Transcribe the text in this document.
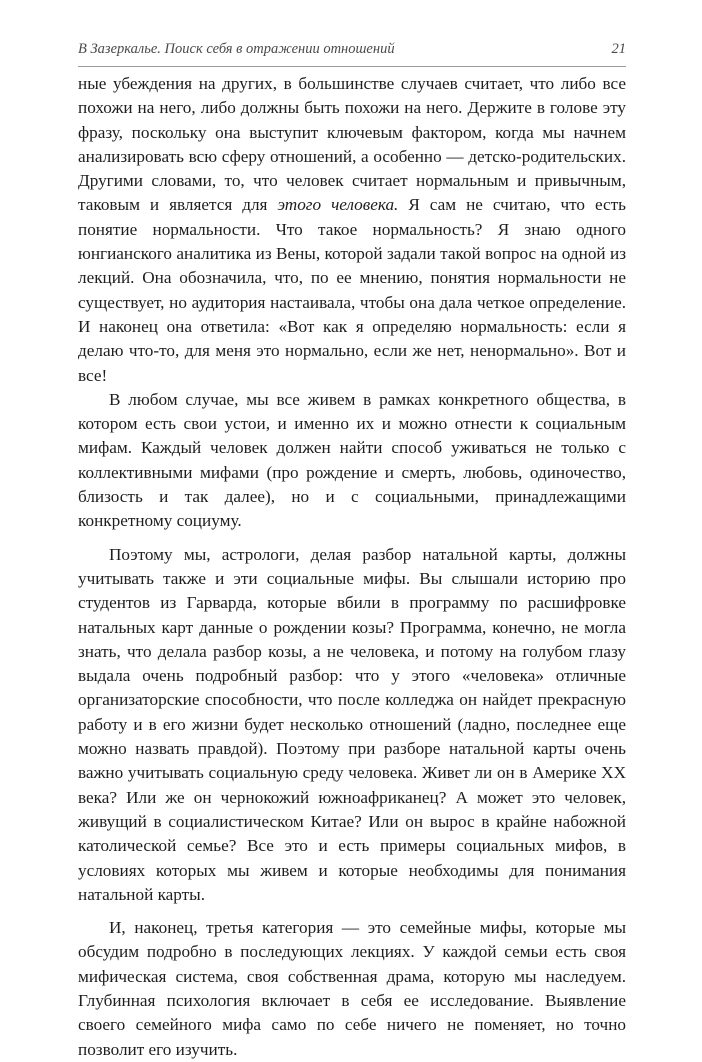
В Зазеркалье. Поиск себя в отражении отношений	21

ные убеждения на других, в большинстве случаев считает, что либо все похожи на него, либо должны быть похожи на него. Держите в голове эту фразу, поскольку она выступит ключевым фактором, когда мы начнем анализировать всю сферу отношений, а особенно — детско-родительских. Другими словами, то, что человек считает нормальным и привычным, таковым и является для этого человека. Я сам не считаю, что есть понятие нормальности. Что такое нормальность? Я знаю одного юнгианского аналитика из Вены, которой задали такой вопрос на одной из лекций. Она обозначила, что, по ее мнению, понятия нормальности не существует, но аудитория настаивала, чтобы она дала четкое определение. И наконец она ответила: «Вот как я определяю нормальность: если я делаю что-то, для меня это нормально, если же нет, ненормально». Вот и все!

В любом случае, мы все живем в рамках конкретного общества, в котором есть свои устои, и именно их и можно отнести к социальным мифам. Каждый человек должен найти способ уживаться не только с коллективными мифами (про рождение и смерть, любовь, одиночество, близость и так далее), но и с социальными, принадлежащими конкретному социуму.

Поэтому мы, астрологи, делая разбор натальной карты, должны учитывать также и эти социальные мифы. Вы слышали историю про студентов из Гарварда, которые вбили в программу по расшифровке натальных карт данные о рождении козы? Программа, конечно, не могла знать, что делала разбор козы, а не человека, и потому на голубом глазу выдала очень подробный разбор: что у этого «человека» отличные организаторские способности, что после колледжа он найдет прекрасную работу и в его жизни будет несколько отношений (ладно, последнее еще можно назвать правдой). Поэтому при разборе натальной карты очень важно учитывать социальную среду человека. Живет ли он в Америке XX века? Или же он чернокожий южноафриканец? А может это человек, живущий в социалистическом Китае? Или он вырос в крайне набожной католической семье? Все это и есть примеры социальных мифов, в условиях которых мы живем и которые необходимы для понимания натальной карты.

И, наконец, третья категория — это семейные мифы, которые мы обсудим подробно в последующих лекциях. У каждой семьи есть своя мифическая система, своя собственная драма, которую мы наследуем. Глубинная психология включает в себя ее исследование. Выявление своего семейного мифа само по себе ничего не поменяет, но точно позволит его изучить.
